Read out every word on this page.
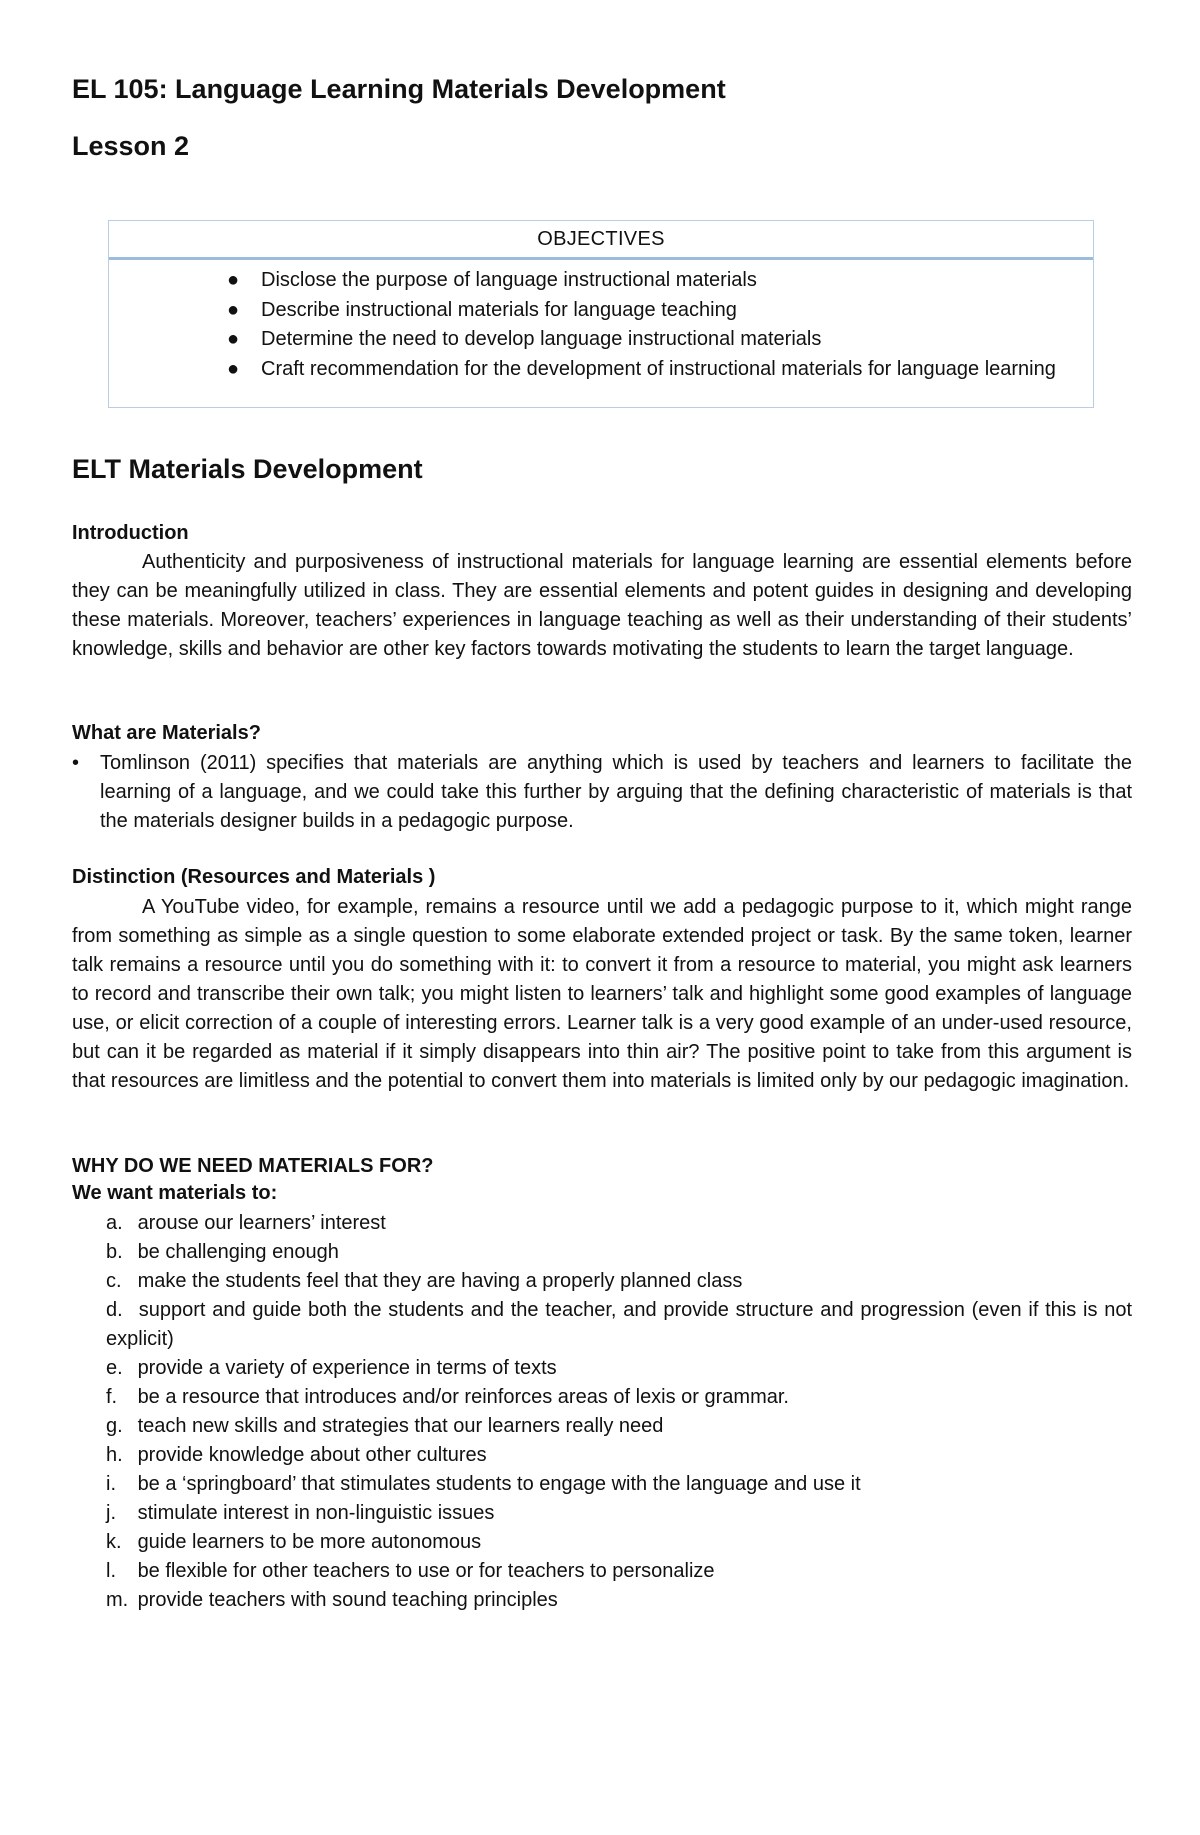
EL 105: Language Learning Materials Development
Lesson 2
OBJECTIVES
● Disclose the purpose of language instructional materials
● Describe instructional materials for language teaching
● Determine the need to develop language instructional materials
● Craft recommendation for the development of instructional materials for language learning
ELT Materials Development
Introduction

Authenticity and purposiveness of instructional materials for language learning are essential elements before they can be meaningfully utilized in class. They are essential elements and potent guides in designing and developing these materials. Moreover, teachers’ experiences in language teaching as well as their understanding of their students’ knowledge, skills and behavior are other key factors towards motivating the students to learn the target language.

What are Materials?
• Tomlinson (2011) specifies that materials are anything which is used by teachers and learners to facilitate the learning of a language, and we could take this further by arguing that the defining characteristic of materials is that the materials designer builds in a pedagogic purpose.
Distinction (Resources and Materials )

A YouTube video, for example, remains a resource until we add a pedagogic purpose to it, which might range from something as simple as a single question to some elaborate extended project or task. By the same token, learner talk remains a resource until you do something with it: to convert it from a resource to material, you might ask learners to record and transcribe their own talk; you might listen to learners’ talk and highlight some good examples of language use, or elicit correction of a couple of interesting errors. Learner talk is a very good example of an under-used resource, but can it be regarded as material if it simply disappears into thin air? The positive point to take from this argument is that resources are limitless and the potential to convert them into materials is limited only by our pedagogic imagination.

WHY DO WE NEED MATERIALS FOR?
We want materials to:
a. arouse our learners’ interest
b. be challenging enough
c. make the students feel that they are having a properly planned class
d. support and guide both the students and the teacher, and provide structure and progression (even if this is not explicit)
e. provide a variety of experience in terms of texts
f. be a resource that introduces and/or reinforces areas of lexis or grammar.
g. teach new skills and strategies that our learners really need
h. provide knowledge about other cultures
i. be a ‘springboard’ that stimulates students to engage with the language and use it
j. stimulate interest in non-linguistic issues
k. guide learners to be more autonomous
l. be flexible for other teachers to use or for teachers to personalize
m. provide teachers with sound teaching principles
